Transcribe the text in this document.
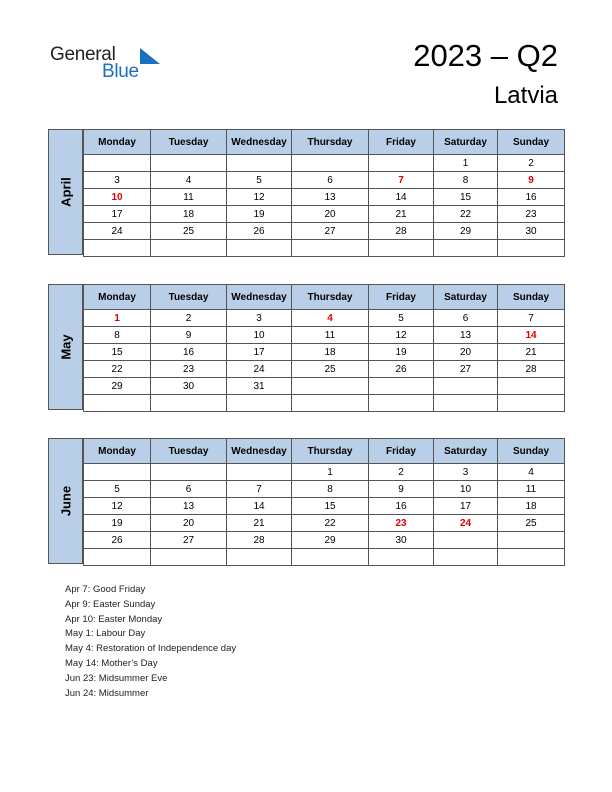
General
Blue	2023 – Q2
Latvia
April
Monday	Tuesday	Wednesday	Thursday	Friday	Saturday	Sunday
					1	2
3	4	5	6	7	8	9
10	11	12	13	14	15	16
17	18	19	20	21	22	23
24	25	26	27	28	29	30

May
Monday	Tuesday	Wednesday	Thursday	Friday	Saturday	Sunday
1	2	3	4	5	6	7
8	9	10	11	12	13	14
15	16	17	18	19	20	21
22	23	24	25	26	27	28
29	30	31				

June
Monday	Tuesday	Wednesday	Thursday	Friday	Saturday	Sunday
			1	2	3	4
5	6	7	8	9	10	11
12	13	14	15	16	17	18
19	20	21	22	23	24	25
26	27	28	29	30		

Apr 7: Good Friday
Apr 9: Easter Sunday
Apr 10: Easter Monday
May 1: Labour Day
May 4: Restoration of Independence day
May 14: Mother’s Day
Jun 23: Midsummer Eve
Jun 24: Midsummer
